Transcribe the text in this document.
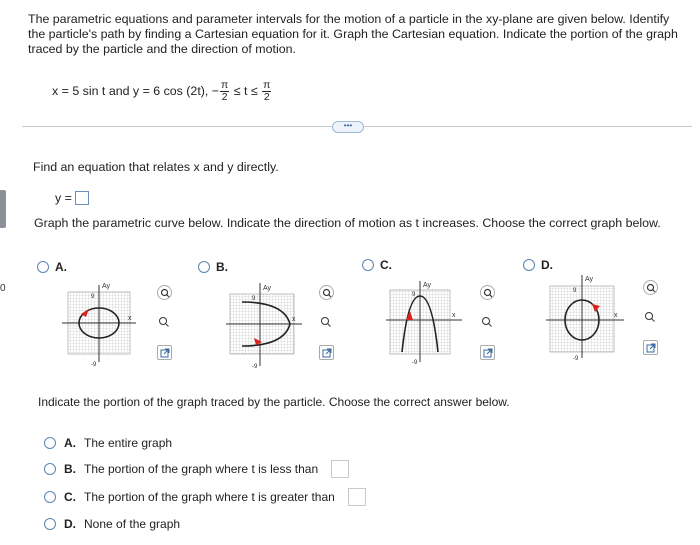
The parametric equations and parameter intervals for the motion of a particle in the xy-plane are given below. Identify the particle's path by finding a Cartesian equation for it. Graph the Cartesian equation. Indicate the portion of the graph traced by the particle and the direction of motion.
x = 5 sin t and y = 6 cos (2t), − $\frac{\pi}{2} \le t \le \frac{\pi}{2}$
•••
0
Find an equation that relates x and y directly.
y =
Graph the parametric curve below. Indicate the direction of motion as t increases. Choose the correct graph below.
A.	B.	C.	D.
Ay
9
-9
x
Ay
9
-9
x
Ay
9
-9
x
Ay
9
-9
x
Indicate the portion of the graph traced by the particle. Choose the correct answer below.
A. The entire graph
B. The portion of the graph where t is less than
C. The portion of the graph where t is greater than
D. None of the graph
